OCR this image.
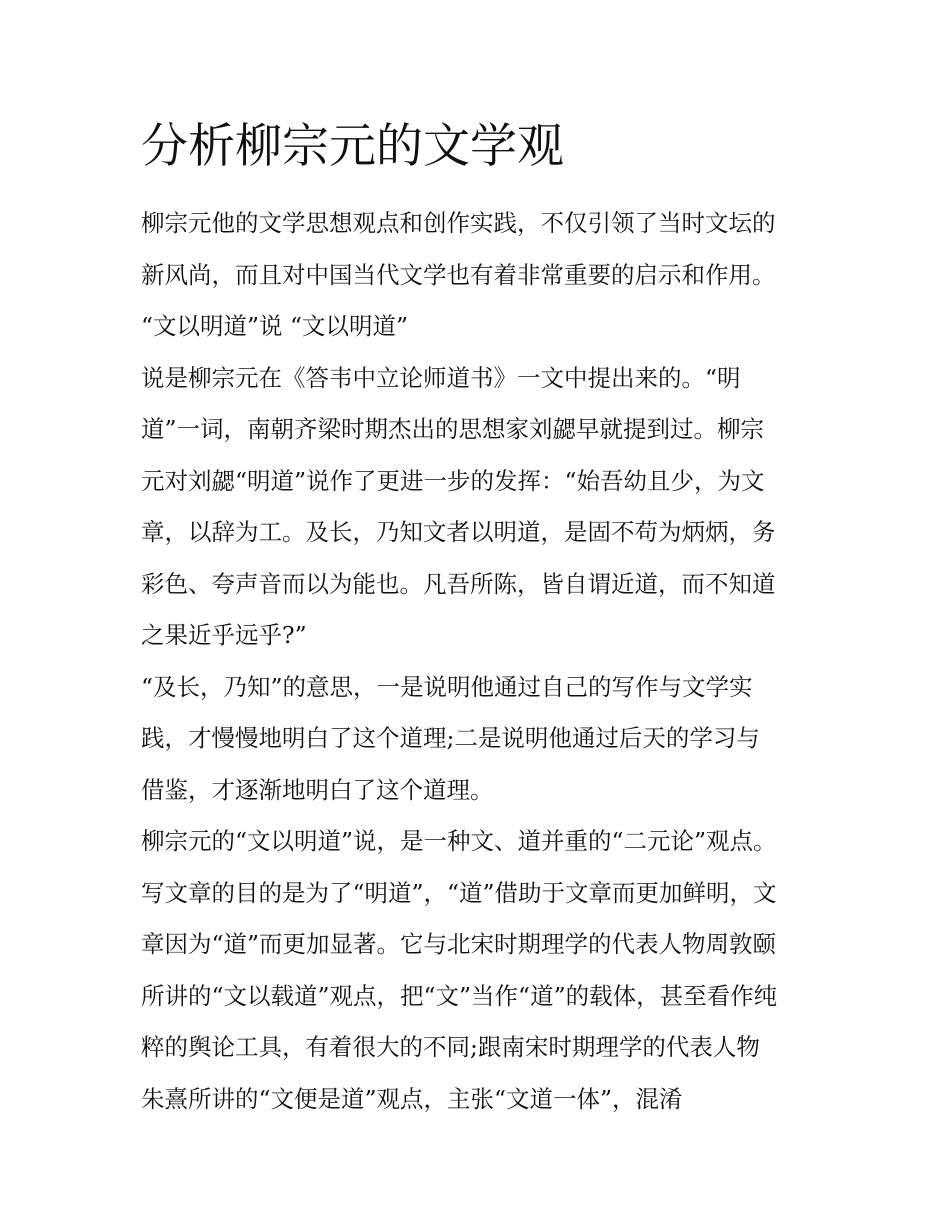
分析柳宗元的文学观
柳宗元他的文学思想观点和创作实践，不仅引领了当时文坛的
新风尚，而且对中国当代文学也有着非常重要的启示和作用。
“文以明道”说 “文以明道”
说是柳宗元在《答韦中立论师道书》一文中提出来的。“明
道”一词，南朝齐梁时期杰出的思想家刘勰早就提到过。柳宗
元对刘勰“明道”说作了更进一步的发挥：“始吾幼且少，为文
章，以辞为工。及长，乃知文者以明道，是固不苟为炳炳，务
彩色、夸声音而以为能也。凡吾所陈，皆自谓近道，而不知道
之果近乎远乎?”
“及长，乃知”的意思，一是说明他通过自己的写作与文学实
践，才慢慢地明白了这个道理;二是说明他通过后天的学习与
借鉴，才逐渐地明白了这个道理。
柳宗元的“文以明道”说，是一种文、道并重的“二元论”观点。
写文章的目的是为了“明道”，“道”借助于文章而更加鲜明，文
章因为“道”而更加显著。它与北宋时期理学的代表人物周敦颐
所讲的“文以载道”观点，把“文”当作“道”的载体，甚至看作纯
粹的舆论工具，有着很大的不同;跟南宋时期理学的代表人物
朱熹所讲的“文便是道”观点，主张“文道一体”，混淆
